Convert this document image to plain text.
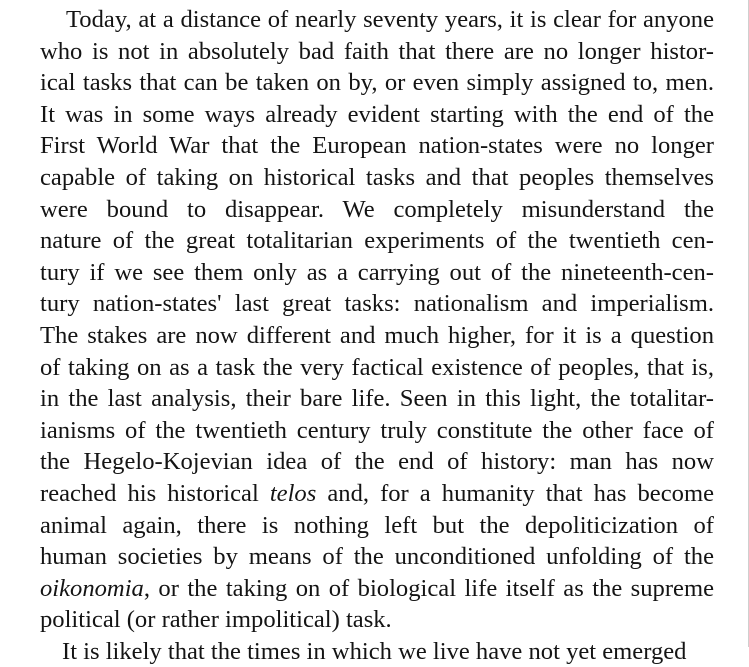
Today, at a distance of nearly seventy years, it is clear for anyone
who is not in absolutely bad faith that there are no longer histor-
ical tasks that can be taken on by, or even simply assigned to, men.
It was in some ways already evident starting with the end of the
First World War that the European nation-states were no longer
capable of taking on historical tasks and that peoples themselves
were bound to disappear. We completely misunderstand the
nature of the great totalitarian experiments of the twentieth cen-
tury if we see them only as a carrying out of the nineteenth-cen-
tury nation-states' last great tasks: nationalism and imperialism.
The stakes are now different and much higher, for it is a question
of taking on as a task the very factical existence of peoples, that is,
in the last analysis, their bare life. Seen in this light, the totalitar-
ianisms of the twentieth century truly constitute the other face of
the Hegelo-Kojevian idea of the end of history: man has now
reached his historical telos and, for a humanity that has become
animal again, there is nothing left but the depoliticization of
human societies by means of the unconditioned unfolding of the
oikonomia, or the taking on of biological life itself as the supreme
political (or rather impolitical) task.
It is likely that the times in which we live have not yet emerged
